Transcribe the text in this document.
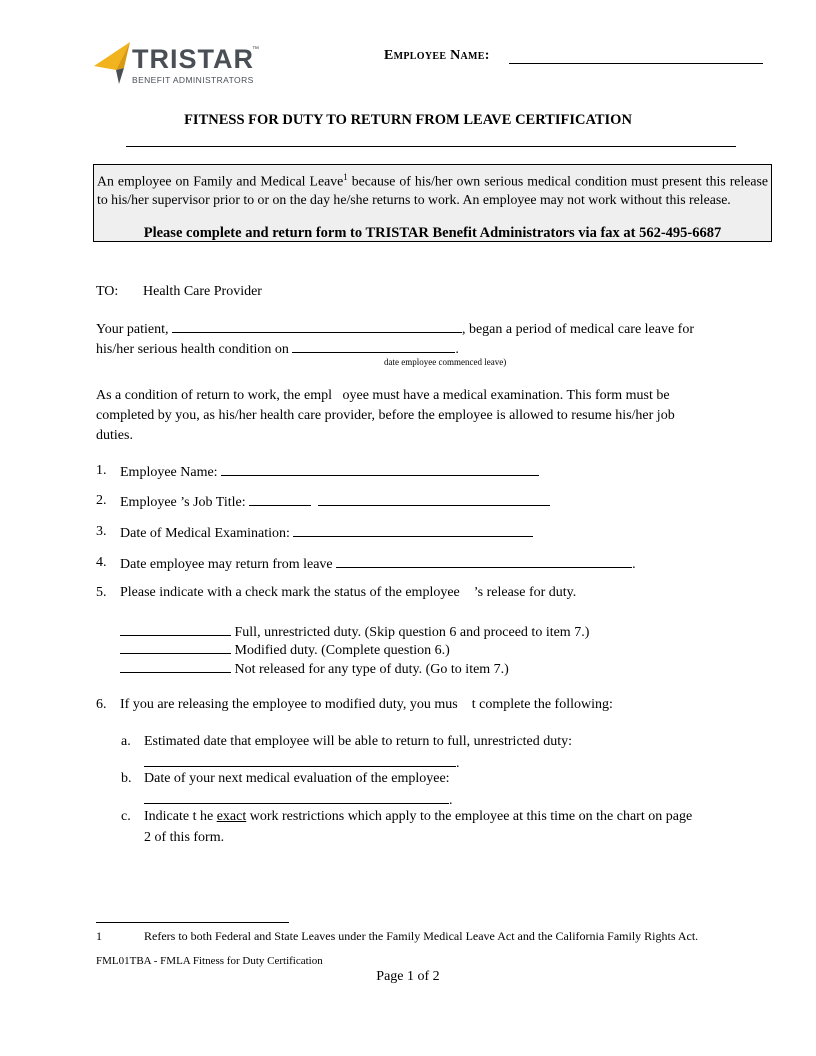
TRISTAR
™
BENEFIT ADMINISTRATORS
Employee Name:
FITNESS FOR DUTY TO RETURN FROM LEAVE CERTIFICATION
An employee on Family and Medical Leave$^1$ because of his/her own serious medical condition must present this release to his/her supervisor prior to or on the day he/she returns to work. An employee may not work without this release.
Please complete and return form to TRISTAR Benefit Administrators via fax at 562-495-6687
TO: Health Care Provider
Your patient,	, began a period of medical care leave for
his/her serious health condition on	.
date employee commenced leave)
As a condition of return to work, the empl   oyee must have a medical examination. This form must be
completed by you, as his/her health care provider, before the employee is allowed to resume his/her job
duties.
1. Employee Name:
2. Employee ’s Job Title:
3. Date of Medical Examination:
4. Date employee may return from leave	.
5. Please indicate with a check mark the status of the employee    ’s release for duty.
Full, unrestricted duty. (Skip question 6 and proceed to item 7.)
Modified duty. (Complete question 6.)
Not released for any type of duty. (Go to item 7.)
6. If you are releasing the employee to modified duty, you mus    t complete the following:
a. Estimated date that employee will be able to return to full, unrestricted duty:
.
b. Date of your next medical evaluation of the employee:
.
c. Indicate t he exact work restrictions which apply to the employee at this time on the chart on page
2 of this form.
1	Refers to both Federal and State Leaves under the Family Medical Leave Act and the California Family Rights Act.
FML01TBA - FMLA Fitness for Duty Certification
Page 1 of 2
